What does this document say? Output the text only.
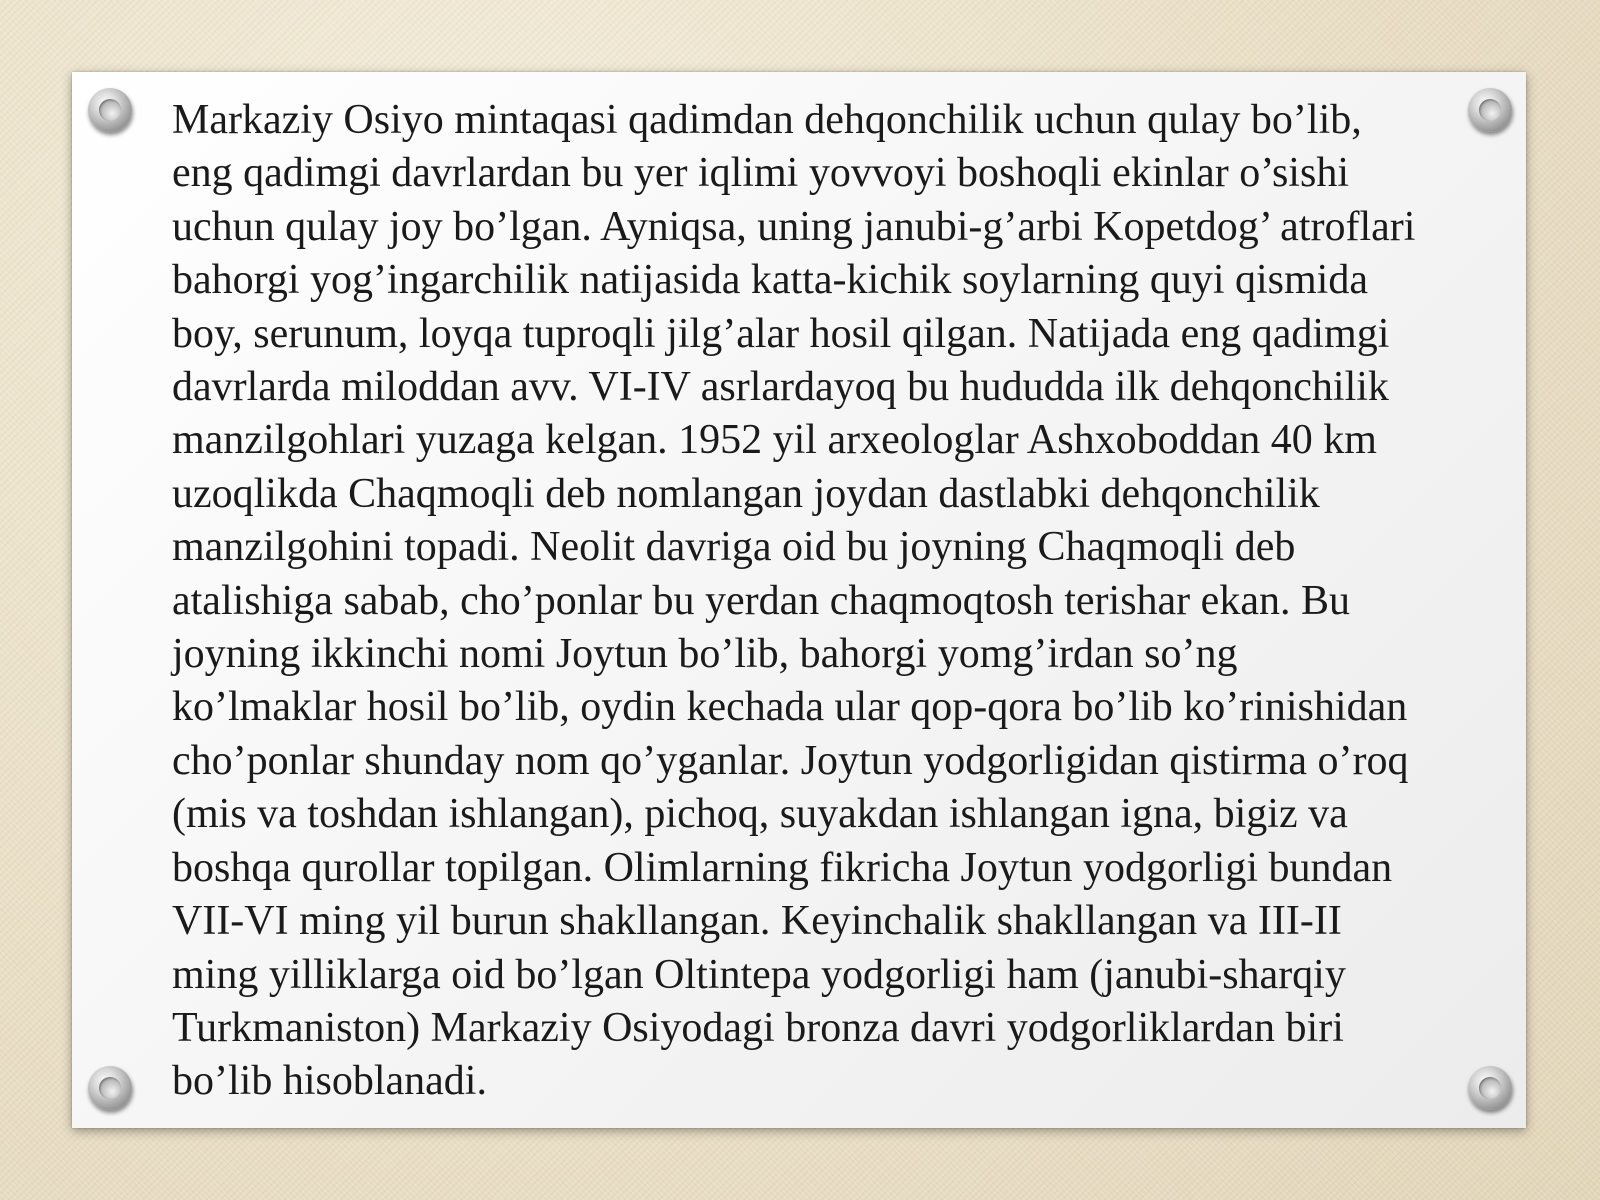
Markaziy Osiyo mintaqasi qadimdan dehqonchilik uchun qulay bo’lib,
eng qadimgi davrlardan bu yer iqlimi yovvoyi boshoqli ekinlar o’sishi
uchun qulay joy bo’lgan. Ayniqsa, uning janubi-g’arbi Kopetdog’ atroflari
bahorgi yog’ingarchilik natijasida katta-kichik soylarning quyi qismida
boy, serunum, loyqa tuproqli jilg’alar hosil qilgan. Natijada eng qadimgi
davrlarda miloddan avv. VI-IV asrlardayoq bu hududda ilk dehqonchilik
manzilgohlari yuzaga kelgan. 1952 yil arxeologlar Ashxoboddan 40 km
uzoqlikda Chaqmoqli deb nomlangan joydan dastlabki dehqonchilik
manzilgohini topadi. Neolit davriga oid bu joyning Chaqmoqli deb
atalishiga sabab, cho’ponlar bu yerdan chaqmoqtosh terishar ekan. Bu
joyning ikkinchi nomi Joytun bo’lib, bahorgi yomg’irdan so’ng
ko’lmaklar hosil bo’lib, oydin kechada ular qop-qora bo’lib ko’rinishidan
cho’ponlar shunday nom qo’yganlar. Joytun yodgorligidan qistirma o’roq
(mis va toshdan ishlangan), pichoq, suyakdan ishlangan igna, bigiz va
boshqa qurollar topilgan. Olimlarning fikricha Joytun yodgorligi bundan
VII-VI ming yil burun shakllangan. Keyinchalik shakllangan va III-II
ming yilliklarga oid bo’lgan Oltintepa yodgorligi ham (janubi-sharqiy
Turkmaniston) Markaziy Osiyodagi bronza davri yodgorliklardan biri
bo’lib hisoblanadi.
